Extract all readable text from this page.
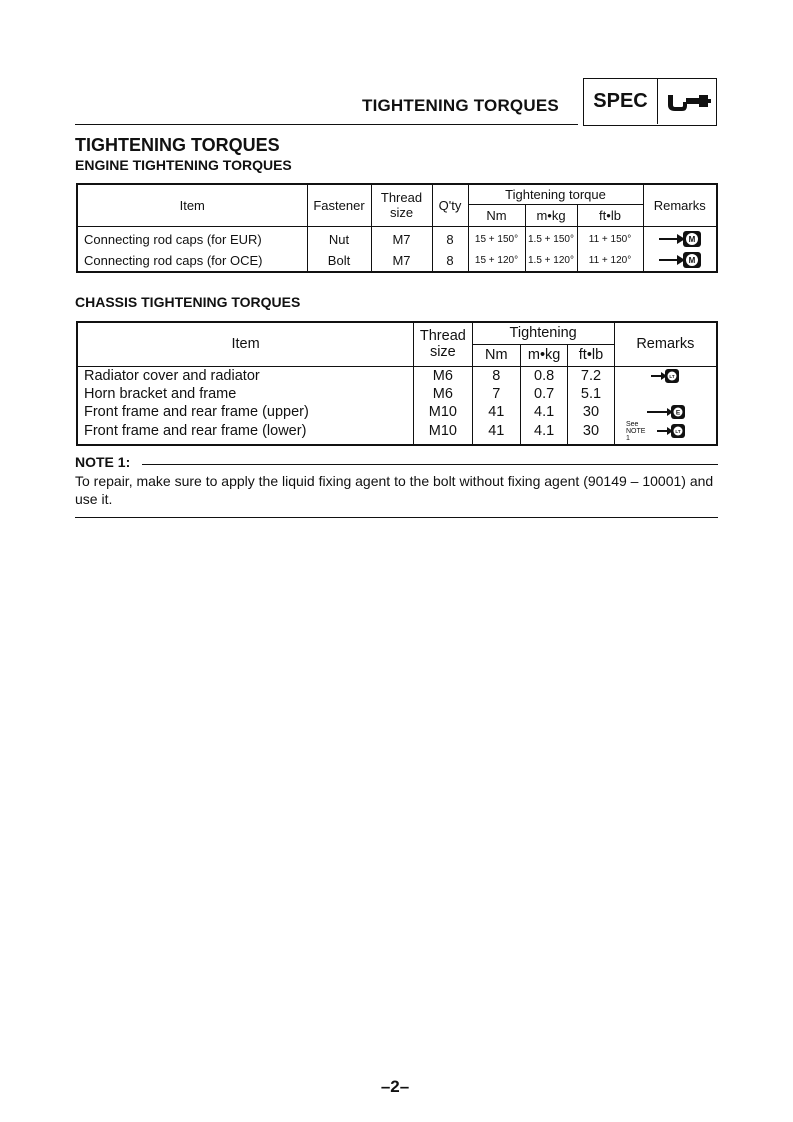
TIGHTENING TORQUES	SPEC
TIGHTENING TORQUES
ENGINE TIGHTENING TORQUES
Item	Fastener	Thread size	Q'ty	Tightening torque			Remarks
				Nm	m•kg	ft•lb	
Connecting rod caps (for EUR)	Nut	M7	8	15 + 150°	1.5 + 150°	11 + 150°	M

Connecting rod caps (for OCE)	Bolt	M7	8	15 + 120°	1.5 + 120°	11 + 120°	M
CHASSIS TIGHTENING TORQUES
Item	Thread size	Tightening			Remarks
		Nm	m•kg	ft•lb	
Radiator cover and radiator	M6	8	0.8	7.2	LT

Horn bracket and frame	M6	7	0.7	5.1	
Front frame and rear frame (upper)	M10	41	4.1	30	E

Front frame and rear frame (lower)	M10	41	4.1	30	See NOTE 1
LT
NOTE 1:
To repair, make sure to apply the liquid fixing agent to the bolt without fixing agent (90149 – 10001) and use it.
–2–
